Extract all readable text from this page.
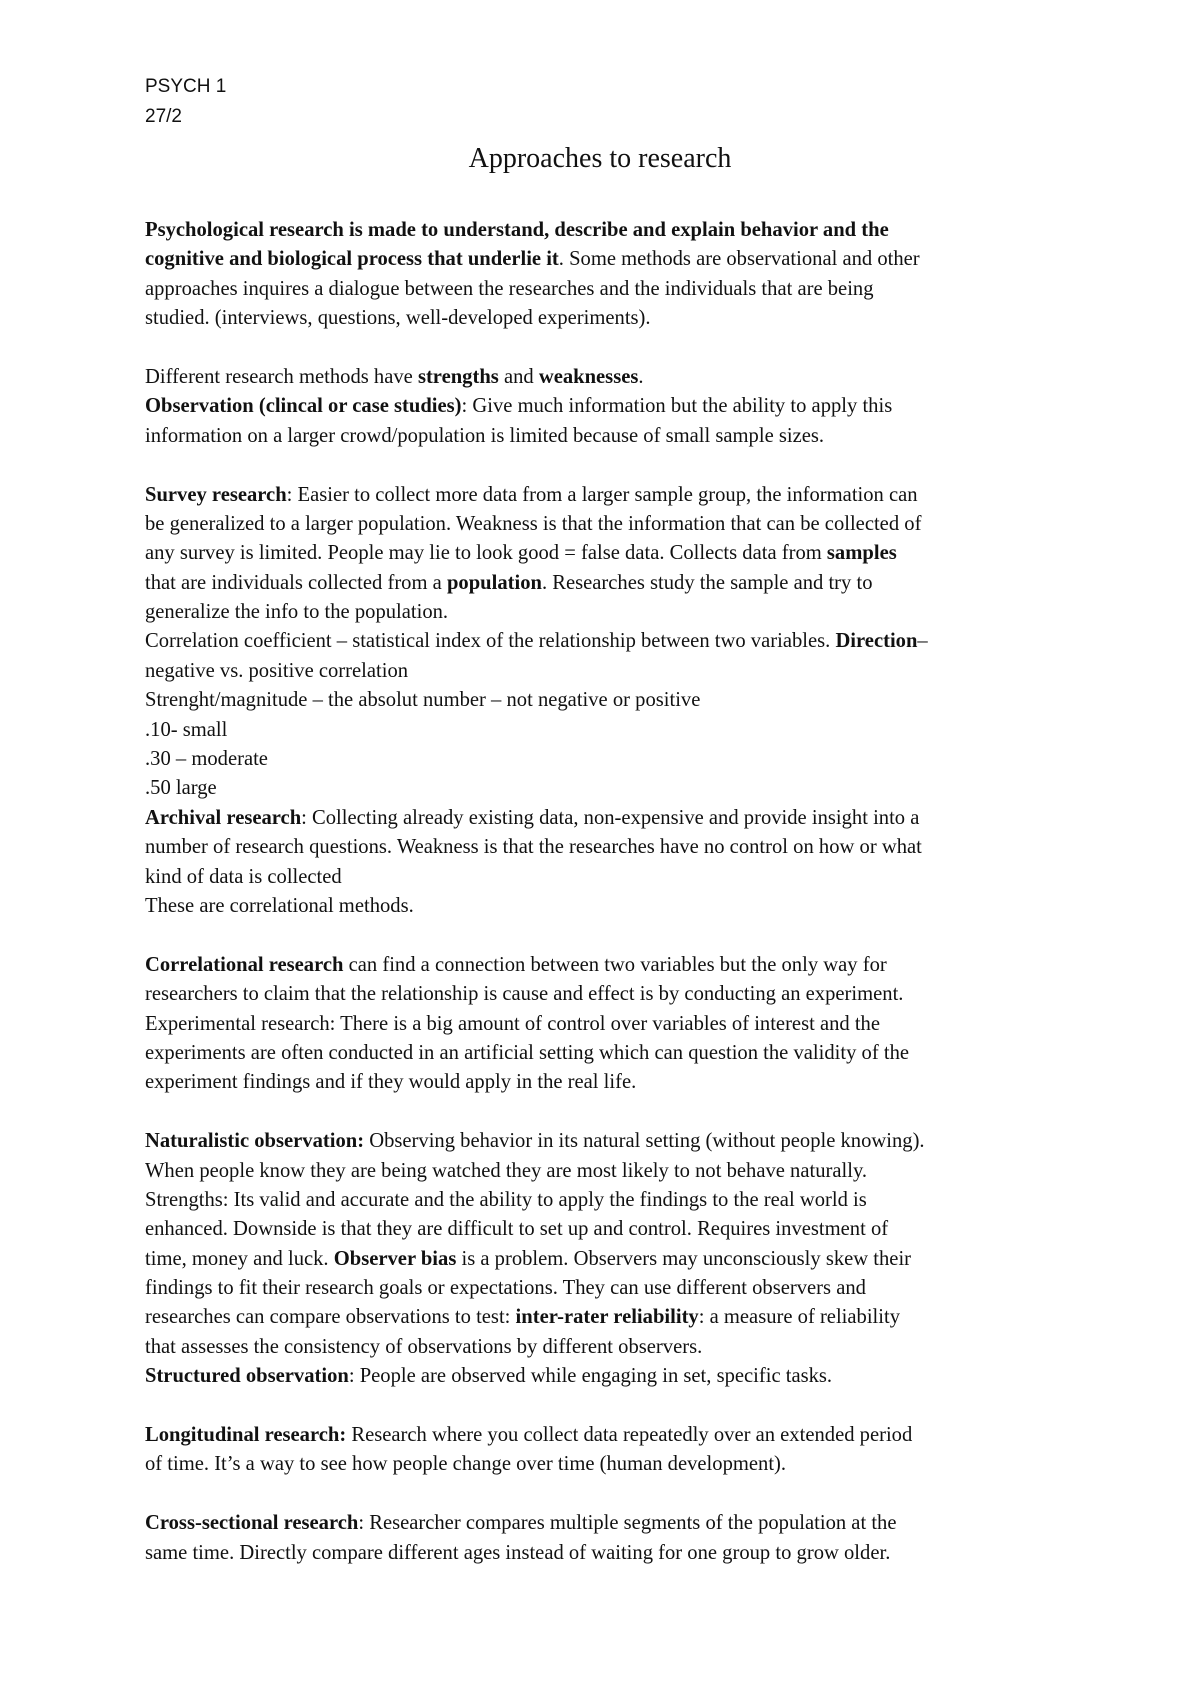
PSYCH 1
27/2
Approaches to research
Psychological research is made to understand, describe and explain behavior and the
cognitive and biological process that underlie it. Some methods are observational and other
approaches inquires a dialogue between the researches and the individuals that are being
studied. (interviews, questions, well-developed experiments).
Different research methods have strengths and weaknesses.
Observation (clincal or case studies): Give much information but the ability to apply this
information on a larger crowd/population is limited because of small sample sizes.
Survey research: Easier to collect more data from a larger sample group, the information can
be generalized to a larger population. Weakness is that the information that can be collected of
any survey is limited. People may lie to look good = false data. Collects data from samples
that are individuals collected from a population. Researches study the sample and try to
generalize the info to the population.
Correlation coefficient – statistical index of the relationship between two variables. Direction–
negative vs. positive correlation
Strenght/magnitude – the absolut number – not negative or positive
.10- small
.30 – moderate
.50 large
Archival research: Collecting already existing data, non-expensive and provide insight into a
number of research questions. Weakness is that the researches have no control on how or what
kind of data is collected
These are correlational methods.
Correlational research can find a connection between two variables but the only way for
researchers to claim that the relationship is cause and effect is by conducting an experiment.
Experimental research: There is a big amount of control over variables of interest and the
experiments are often conducted in an artificial setting which can question the validity of the
experiment findings and if they would apply in the real life.
Naturalistic observation: Observing behavior in its natural setting (without people knowing).
When people know they are being watched they are most likely to not behave naturally.
Strengths: Its valid and accurate and the ability to apply the findings to the real world is
enhanced. Downside is that they are difficult to set up and control. Requires investment of
time, money and luck. Observer bias is a problem. Observers may unconsciously skew their
findings to fit their research goals or expectations. They can use different observers and
researches can compare observations to test: inter-rater reliability: a measure of reliability
that assesses the consistency of observations by different observers.
Structured observation: People are observed while engaging in set, specific tasks.
Longitudinal research: Research where you collect data repeatedly over an extended period
of time. It’s a way to see how people change over time (human development).
Cross-sectional research: Researcher compares multiple segments of the population at the
same time. Directly compare different ages instead of waiting for one group to grow older.
